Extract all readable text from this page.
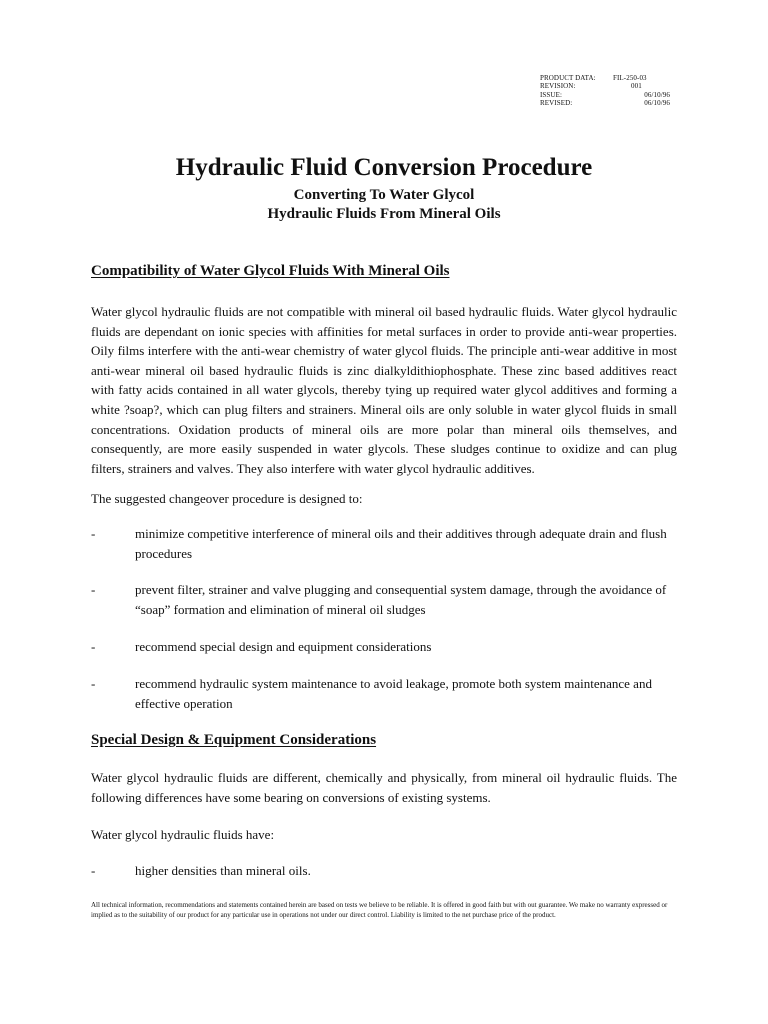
PRODUCT DATA:	FIL-250-03
REVISION:	001
ISSUE:	06/10/96
REVISED:	06/10/96
Hydraulic Fluid Conversion Procedure
Converting To Water Glycol
Hydraulic Fluids From Mineral Oils
Compatibility of Water Glycol Fluids With Mineral Oils
Water glycol hydraulic fluids are not compatible with mineral oil based hydraulic fluids. Water glycol hydraulic fluids are dependant on ionic species with affinities for metal surfaces in order to provide anti-wear properties. Oily films interfere with the anti-wear chemistry of water glycol fluids. The principle anti-wear additive in most anti-wear mineral oil based hydraulic fluids is zinc dialkyldithiophosphate. These zinc based additives react with fatty acids contained in all water glycols, thereby tying up required water glycol additives and forming a white ?soap?, which can plug filters and strainers. Mineral oils are only soluble in water glycol fluids in small concentrations. Oxidation products of mineral oils are more polar than mineral oils themselves, and consequently, are more easily suspended in water glycols. These sludges continue to oxidize and can plug filters, strainers and valves. They also interfere with water glycol hydraulic additives.
The suggested changeover procedure is designed to:
-	minimize competitive interference of mineral oils and their additives through adequate drain and flush procedures
-	prevent filter, strainer and valve plugging and consequential system damage, through the avoidance of “soap” formation and elimination of mineral oil sludges
-	recommend special design and equipment considerations
-	recommend hydraulic system maintenance to avoid leakage, promote both system maintenance and effective operation
Special Design & Equipment Considerations
Water glycol hydraulic fluids are different, chemically and physically, from mineral oil hydraulic fluids. The following differences have some bearing on conversions of existing systems.
Water glycol hydraulic fluids have:
-	higher densities than mineral oils.
All technical information, recommendations and statements contained herein are based on tests we believe to be reliable. It is offered in good faith but with out guarantee. We make no warranty expressed or implied as to the suitability of our product for any particular use in operations not under our direct control. Liability is limited to the net purchase price of the product.
